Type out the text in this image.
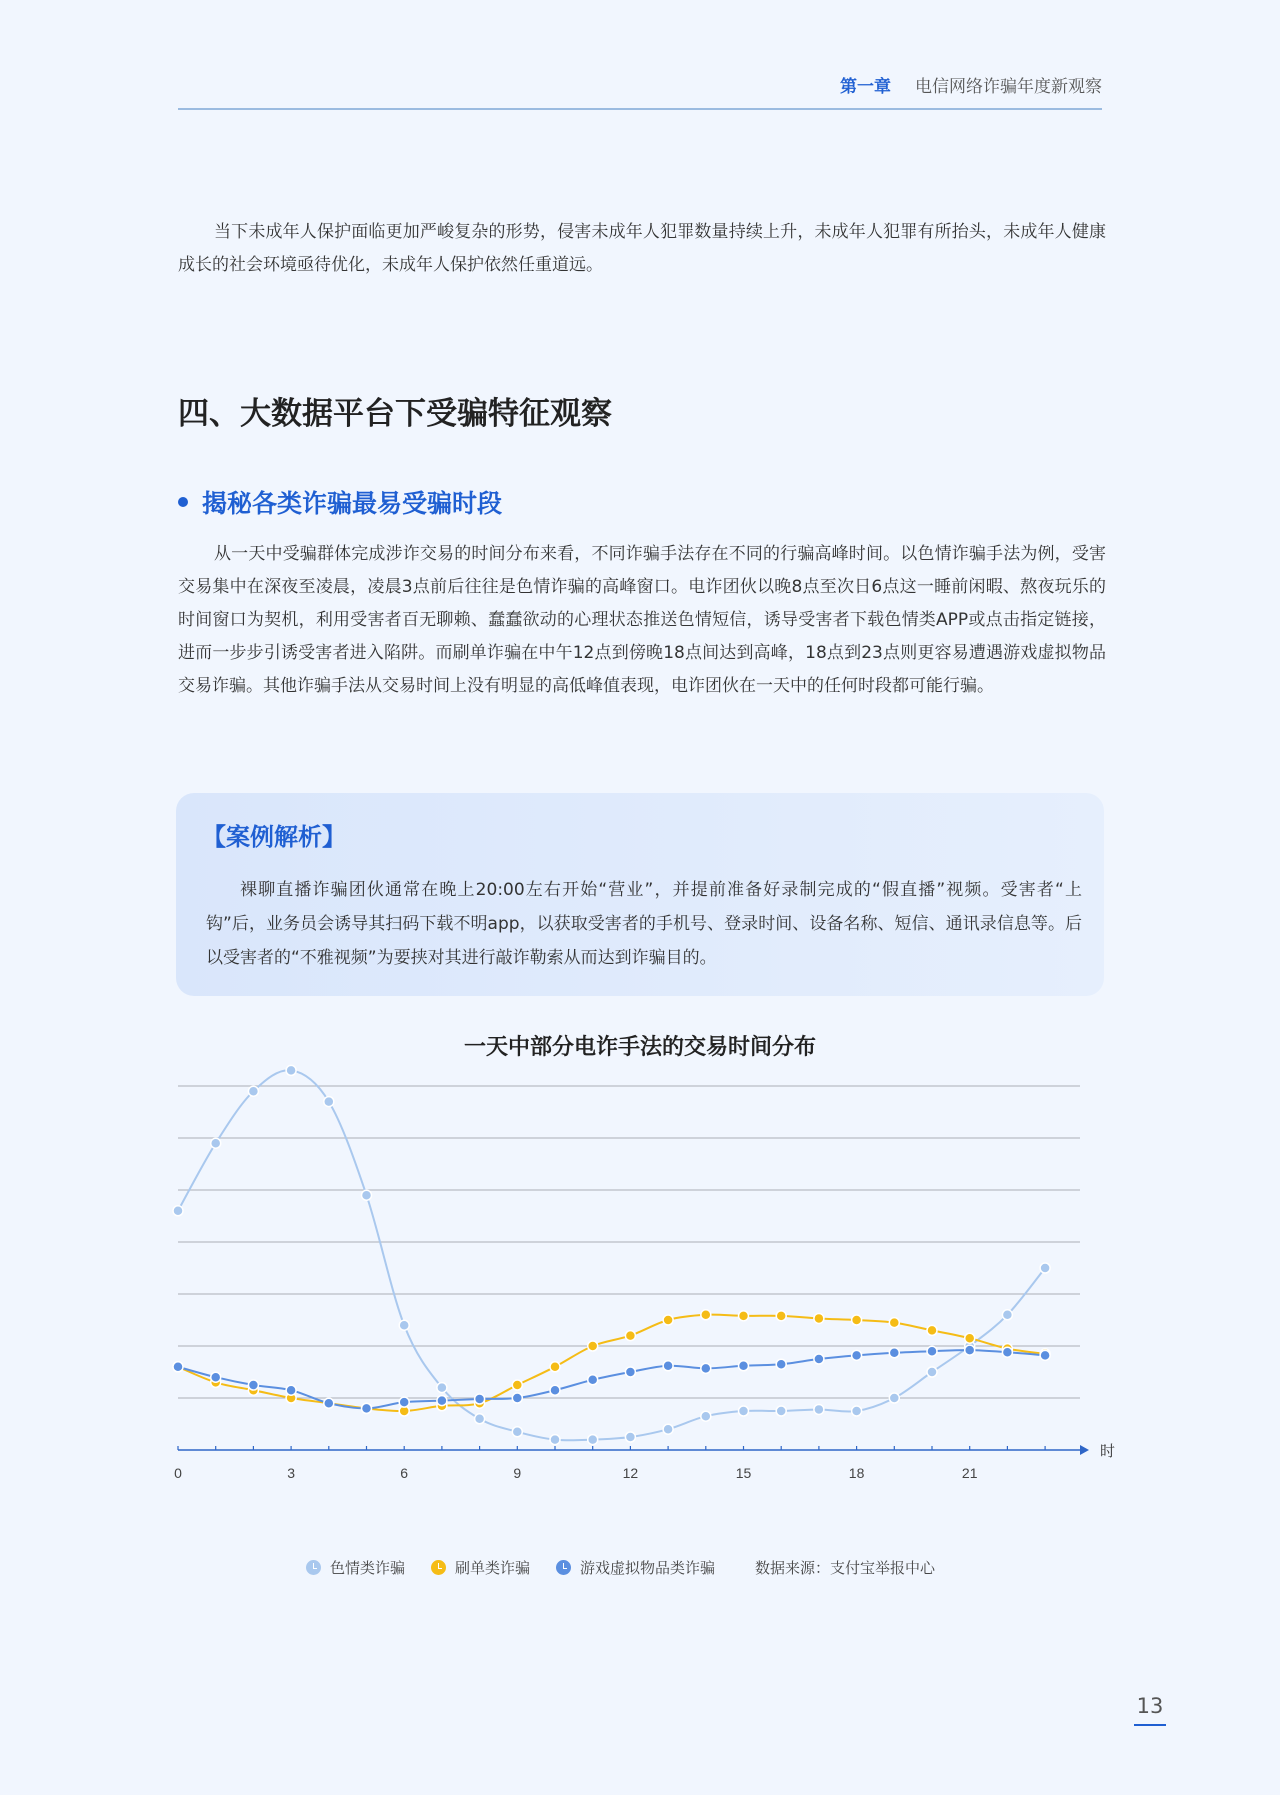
第一章 电信网络诈骗年度新观察

当下未成年人保护面临更加严峻复杂的形势，侵害未成年人犯罪数量持续上升，未成年人犯罪有所抬头，未成年人健康成长的社会环境亟待优化，未成年人保护依然任重道远。

四、大数据平台下受骗特征观察
揭秘各类诈骗最易受骗时段

从一天中受骗群体完成涉诈交易的时间分布来看，不同诈骗手法存在不同的行骗高峰时间。以色情诈骗手法为例，受害交易集中在深夜至凌晨，凌晨3点前后往往是色情诈骗的高峰窗口。电诈团伙以晚8点至次日6点这一睡前闲暇、熬夜玩乐的时间窗口为契机，利用受害者百无聊赖、蠢蠢欲动的心理状态推送色情短信，诱导受害者下载色情类APP或点击指定链接，进而一步步引诱受害者进入陷阱。而刷单诈骗在中午12点到傍晚18点间达到高峰，18点到23点则更容易遭遇游戏虚拟物品交易诈骗。其他诈骗手法从交易时间上没有明显的高低峰值表现，电诈团伙在一天中的任何时段都可能行骗。

【案例解析】

裸聊直播诈骗团伙通常在晚上20:00左右开始“营业”，并提前准备好录制完成的“假直播”视频。受害者“上钩”后，业务员会诱导其扫码下载不明app，以获取受害者的手机号、登录时间、设备名称、短信、通讯录信息等。后以受害者的“不雅视频”为要挟对其进行敲诈勒索从而达到诈骗目的。

一天中部分电诈手法的交易时间分布

0	3	6	9	12	15	18	21
时
色情类诈骗	刷单类诈骗	游戏虚拟物品类诈骗	数据来源：支付宝举报中心
13
